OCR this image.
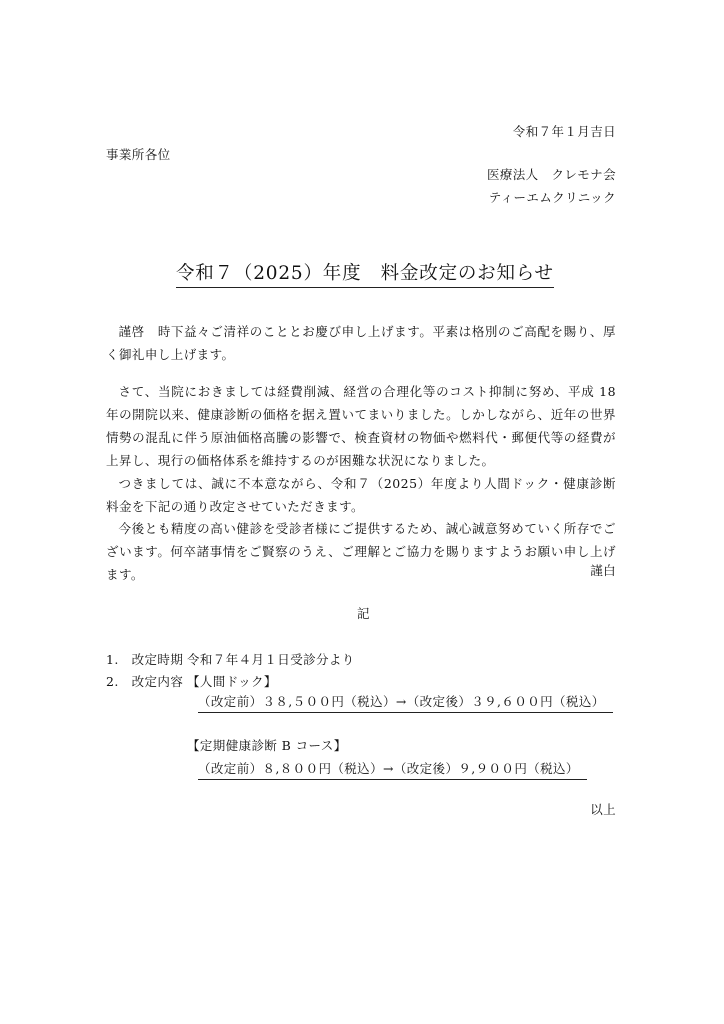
令和７年１月吉日
事業所各位
医療法人　クレモナ会
ティーエムクリニック
令和７（2025）年度　料金改定のお知らせ

謹啓　時下益々ご清祥のこととお慶び申し上げます。平素は格別のご高配を賜り、厚く御礼申し上げます。

さて、当院におきましては経費削減、経営の合理化等のコスト抑制に努め、平成 18 年の開院以来、健康診断の価格を据え置いてまいりました。しかしながら、近年の世界情勢の混乱に伴う原油価格高騰の影響で、検査資材の物価や燃料代・郵便代等の経費が上昇し、現行の価格体系を維持するのが困難な状況になりました。

つきましては、誠に不本意ながら、令和７（2025）年度より人間ドック・健康診断料金を下記の通り改定させていただきます。

今後とも精度の高い健診を受診者様にご提供するため、誠心誠意努めていく所存でございます。何卒諸事情をご賢察のうえ、ご理解とご協力を賜りますようお願い申し上げます。	謹白
記
1.　改定時期 令和７年４月１日受診分より
2.　改定内容 【人間ドック】
（改定前）３８,５００円（税込）→（改定後）３９,６００円（税込）
【定期健康診断 B コース】
（改定前）８,８００円（税込）→（改定後）９,９００円（税込）
以上
